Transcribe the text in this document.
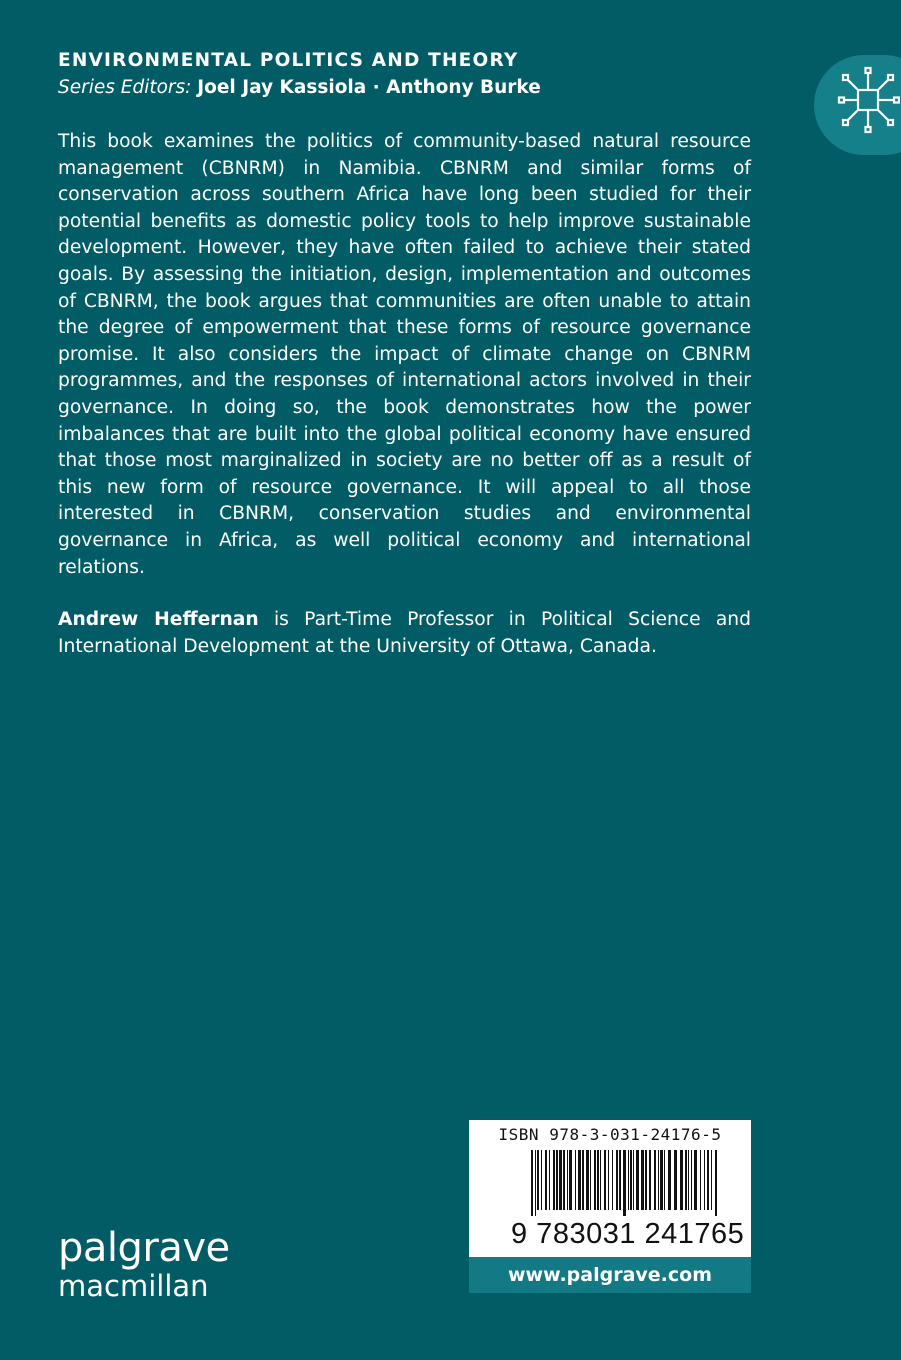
ENVIRONMENTAL POLITICS AND THEORY
Series Editors: Joel Jay Kassiola · Anthony Burke

This book examines the politics of community-based natural resource management (CBNRM) in Namibia. CBNRM and similar forms of conservation across southern Africa have long been studied for their potential benefits as domestic policy tools to help improve sustainable development. However, they have often failed to achieve their stated goals. By assessing the initiation, design, implementation and outcomes of CBNRM, the book argues that communities are often unable to attain the degree of empowerment that these forms of resource governance promise. It also considers the impact of climate change on CBNRM programmes, and the responses of international actors involved in their governance. In doing so, the book demonstrates how the power imbalances that are built into the global political economy have ensured that those most marginalized in society are no better off as a result of this new form of resource governance. It will appeal to all those interested in CBNRM, conservation studies and environmental governance in Africa, as well political economy and international relations.

Andrew Heffernan is Part-Time Professor in Political Science and International Development at the University of Ottawa, Canada.

palgrave
macmillan
ISBN 978-3-031-24176-5
9 783031 241765
www.palgrave.com
